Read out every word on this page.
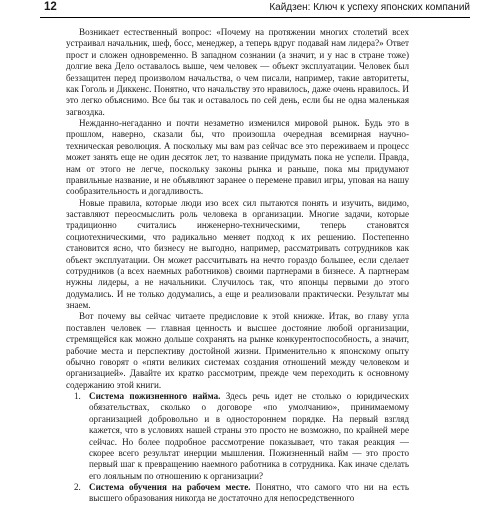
12	Кайдзен: Ключ к успеху японских компаний

Возникает естественный вопрос: «Почему на протяжении многих столетий всех устраивал начальник, шеф, босс, менеджер, а теперь вдруг подавай нам лидера?» Ответ прост и сложен одновременно. В западном сознании (а значит, и у нас в стране тоже) долгие века Дело оставалось выше, чем человек — объект эксплуатации. Человек был беззащитен перед произволом начальства, о чем писали, например, такие авторитеты, как Гоголь и Диккенс. Понятно, что начальству это нравилось, даже очень нравилось. И это легко объяснимо. Все бы так и оставалось по сей день, если бы не одна маленькая загвоздка.

Нежданно-негаданно и почти незаметно изменился мировой рынок. Будь это в прошлом, наверно, сказали бы, что произошла очередная всемирная научно-техническая революция. А поскольку мы вам раз сейчас все это переживаем и процесс может занять еще не один десяток лет, то название придумать пока не успели. Правда, нам от этого не легче, поскольку законы рынка и раньше, пока мы придумают правильные название, и не объявляют заранее о перемене правил игры, уповая на нашу сообразительность и догадливость.

Новые правила, которые люди изо всех сил пытаются понять и изучить, видимо, заставляют переосмыслить роль человека в организации. Многие задачи, которые традиционно считались инженерно-техническими, теперь становятся социотехническими, что радикально меняет подход к их решению. Постепенно становится ясно, что бизнесу не выгодно, например, рассматривать сотрудников как объект эксплуатации. Он может рассчитывать на нечто гораздо большее, если сделает сотрудников (а всех наемных работников) своими партнерами в бизнесе. А партнерам нужны лидеры, а не начальники. Случилось так, что японцы первыми до этого додумались. И не только додумались, а еще и реализовали практически. Результат мы знаем.

Вот почему вы сейчас читаете предисловие к этой книжке. Итак, во главу угла поставлен человек — главная ценность и высшее достояние любой организации, стремящейся как можно дольше сохранять на рынке конкурентоспособность, а значит, рабочие места и перспективу достойной жизни. Применительно к японскому опыту обычно говорят о «пяти великих системах создания отношений между человеком и организацией». Давайте их кратко рассмотрим, прежде чем переходить к основному содержанию этой книги.

1. Система пожизненного найма. Здесь речь идет не столько о юридических обязательствах, сколько о договоре «по умолчанию», принимаемому организацией добровольно и в одностороннем порядке. На первый взгляд кажется, что в условиях нашей страны это просто не возможно, по крайней мере сейчас. Но более подробное рассмотрение показывает, что такая реакция — скорее всего результат инерции мышления. Пожизненный найм — это просто первый шаг к превращению наемного работника в сотрудника. Как иначе сделать его лояльным по отношению к организации?
2. Система обучения на рабочем месте. Понятно, что самого что ни на есть высшего образования никогда не достаточно для непосредственного
